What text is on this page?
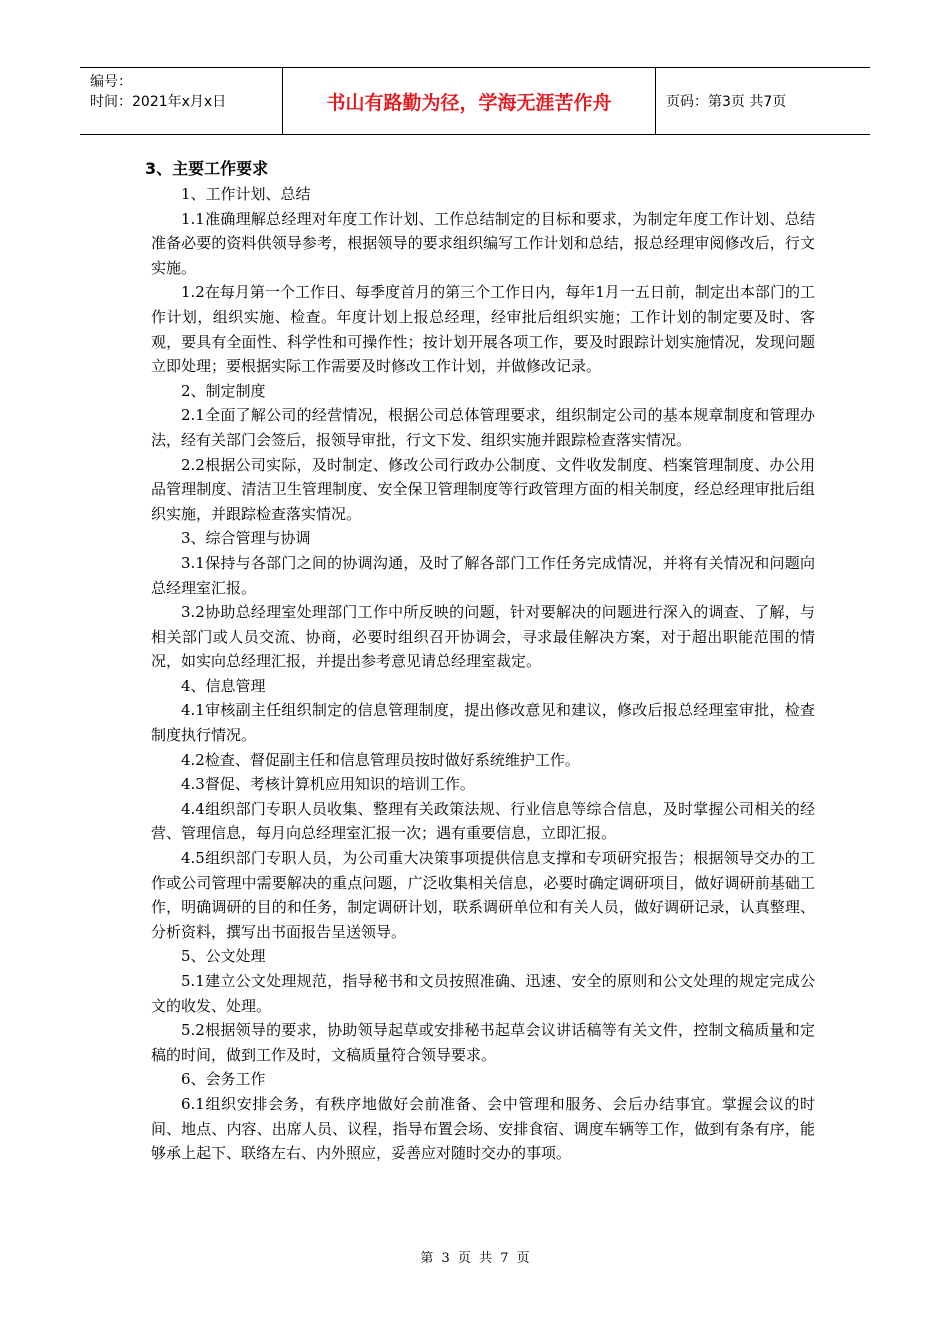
编号：
时间：2021年x月x日	书山有路勤为径，学海无涯苦作舟	页码：第3页 共7页
3、主要工作要求

1、工作计划、总结

1.1准确理解总经理对年度工作计划、工作总结制定的目标和要求，为制定年度工作计划、总结准备必要的资料供领导参考，根据领导的要求组织编写工作计划和总结，报总经理审阅修改后，行文实施。

1.2在每月第一个工作日、每季度首月的第三个工作日内，每年1月一五日前，制定出本部门的工作计划，组织实施、检查。年度计划上报总经理，经审批后组织实施；工作计划的制定要及时、客观，要具有全面性、科学性和可操作性；按计划开展各项工作，要及时跟踪计划实施情况，发现问题立即处理；要根据实际工作需要及时修改工作计划，并做修改记录。

2、制定制度

2.1全面了解公司的经营情况，根据公司总体管理要求，组织制定公司的基本规章制度和管理办法，经有关部门会签后，报领导审批，行文下发、组织实施并跟踪检查落实情况。

2.2根据公司实际，及时制定、修改公司行政办公制度、文件收发制度、档案管理制度、办公用品管理制度、清洁卫生管理制度、安全保卫管理制度等行政管理方面的相关制度，经总经理审批后组织实施，并跟踪检查落实情况。

3、综合管理与协调

3.1保持与各部门之间的协调沟通，及时了解各部门工作任务完成情况，并将有关情况和问题向总经理室汇报。

3.2协助总经理室处理部门工作中所反映的问题，针对要解决的问题进行深入的调查、了解，与相关部门或人员交流、协商，必要时组织召开协调会，寻求最佳解决方案，对于超出职能范围的情况，如实向总经理汇报，并提出参考意见请总经理室裁定。

4、信息管理

4.1审核副主任组织制定的信息管理制度，提出修改意见和建议，修改后报总经理室审批，检查制度执行情况。

4.2检查、督促副主任和信息管理员按时做好系统维护工作。

4.3督促、考核计算机应用知识的培训工作。

4.4组织部门专职人员收集、整理有关政策法规、行业信息等综合信息，及时掌握公司相关的经营、管理信息，每月向总经理室汇报一次；遇有重要信息，立即汇报。

4.5组织部门专职人员，为公司重大决策事项提供信息支撑和专项研究报告；根据领导交办的工作或公司管理中需要解决的重点问题，广泛收集相关信息，必要时确定调研项目，做好调研前基础工作，明确调研的目的和任务，制定调研计划，联系调研单位和有关人员，做好调研记录，认真整理、分析资料，撰写出书面报告呈送领导。

5、公文处理

5.1建立公文处理规范，指导秘书和文员按照准确、迅速、安全的原则和公文处理的规定完成公文的收发、处理。

5.2根据领导的要求，协助领导起草或安排秘书起草会议讲话稿等有关文件，控制文稿质量和定稿的时间，做到工作及时，文稿质量符合领导要求。

6、会务工作

6.1组织安排会务，有秩序地做好会前准备、会中管理和服务、会后办结事宜。掌握会议的时间、地点、内容、出席人员、议程，指导布置会场、安排食宿、调度车辆等工作，做到有条有序，能够承上起下、联络左右、内外照应，妥善应对随时交办的事项。

第 3 页 共 7 页
